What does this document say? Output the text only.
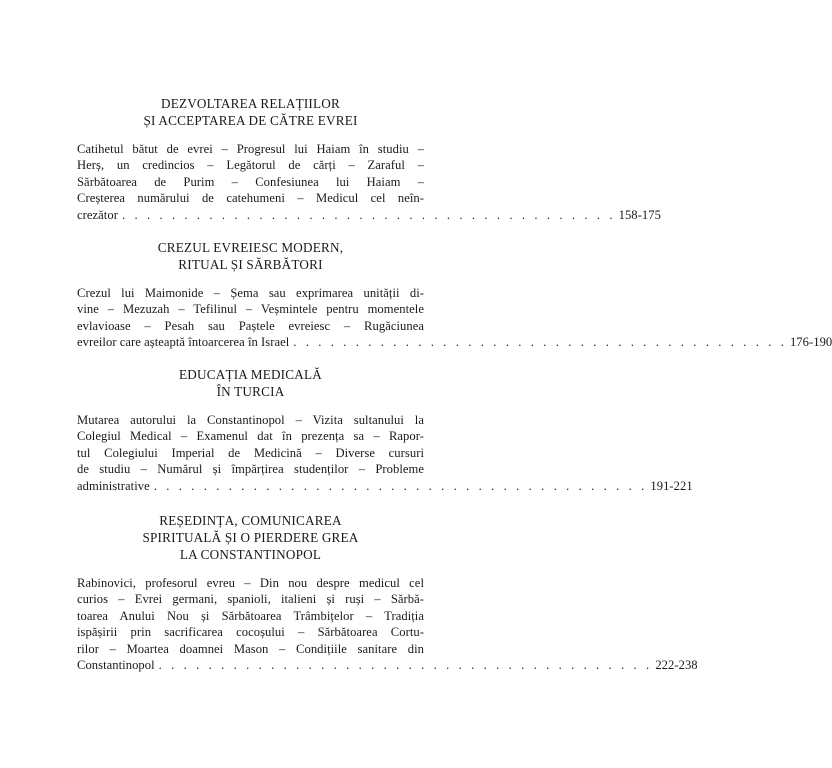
DEZVOLTAREA RELAȚIILOR
ȘI ACCEPTAREA DE CĂTRE EVREI
Catihetul bătut de evrei – Progresul lui Haiam în studiu –
Herș, un credincios – Legătorul de cărți – Zaraful –
Sărbătoarea de Purim – Confesiunea lui Haiam –
Creșterea numărului de catehumeni – Medicul cel neîn-
crezător . . . . . . . . . . . . . . . . . . . . . . . . . . . . . . . . . . . . . . . . 158-175
CREZUL EVREIESC MODERN,
RITUAL ȘI SĂRBĂTORI
Crezul lui Maimonide – Șema sau exprimarea unității di-
vine – Mezuzah – Tefilinul – Veșmintele pentru momentele
evlavioase – Pesah sau Paștele evreiesc – Rugăciunea
evreilor care așteaptă întoarcerea în Israel . . . . . . . . . . . . . . . . . . . . . . . . . . . . . . . . . . . . . . . . 176-190
EDUCAȚIA MEDICALĂ
ÎN TURCIA
Mutarea autorului la Constantinopol – Vizita sultanului la
Colegiul Medical – Examenul dat în prezența sa – Rapor-
tul Colegiului Imperial de Medicină – Diverse cursuri
de studiu – Numărul și împărțirea studenților – Probleme
administrative . . . . . . . . . . . . . . . . . . . . . . . . . . . . . . . . . . . . . . . . 191-221
REȘEDINȚA, COMUNICAREA
SPIRITUALĂ ȘI O PIERDERE GREA
LA CONSTANTINOPOL
Rabinovici, profesorul evreu – Din nou despre medicul cel
curios – Evrei germani, spanioli, italieni și ruși – Sărbă-
toarea Anului Nou și Sărbătoarea Trâmbițelor – Tradiția
ispășirii prin sacrificarea cocoșului – Sărbătoarea Cortu-
rilor – Moartea doamnei Mason – Condițiile sanitare din
Constantinopol . . . . . . . . . . . . . . . . . . . . . . . . . . . . . . . . . . . . . . . . 222-238
